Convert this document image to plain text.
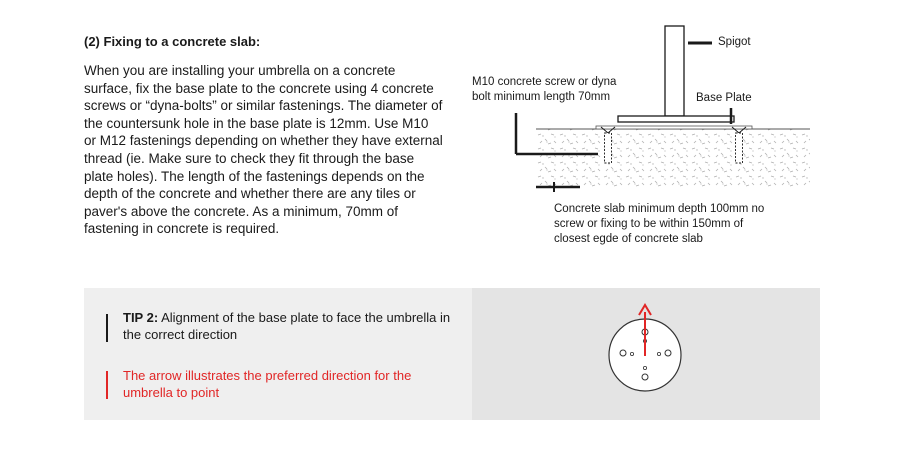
(2) Fixing to a concrete slab:
When you are installing your umbrella on a concrete surface, fix the base plate to the concrete using 4 concrete screws or “dyna-bolts” or similar fastenings. The diameter of the countersunk hole in the base plate is 12mm. Use M10 or M12 fastenings depending on whether they have external thread (ie. Make sure to check they fit through the base plate holes). The length of the fastenings depends on the depth of the concrete and whether there are any tiles or paver's above the concrete. As a minimum, 70mm of fastening in concrete is required.
Spigot
M10 concrete screw or dyna
bolt minimum length 70mm	Base Plate
Concrete slab minimum depth 100mm no
screw or fixing to be within 150mm of
closest egde of concrete slab
TIP 2: Alignment of the base plate to face the umbrella in the correct direction
The arrow illustrates the preferred direction for the umbrella to point
